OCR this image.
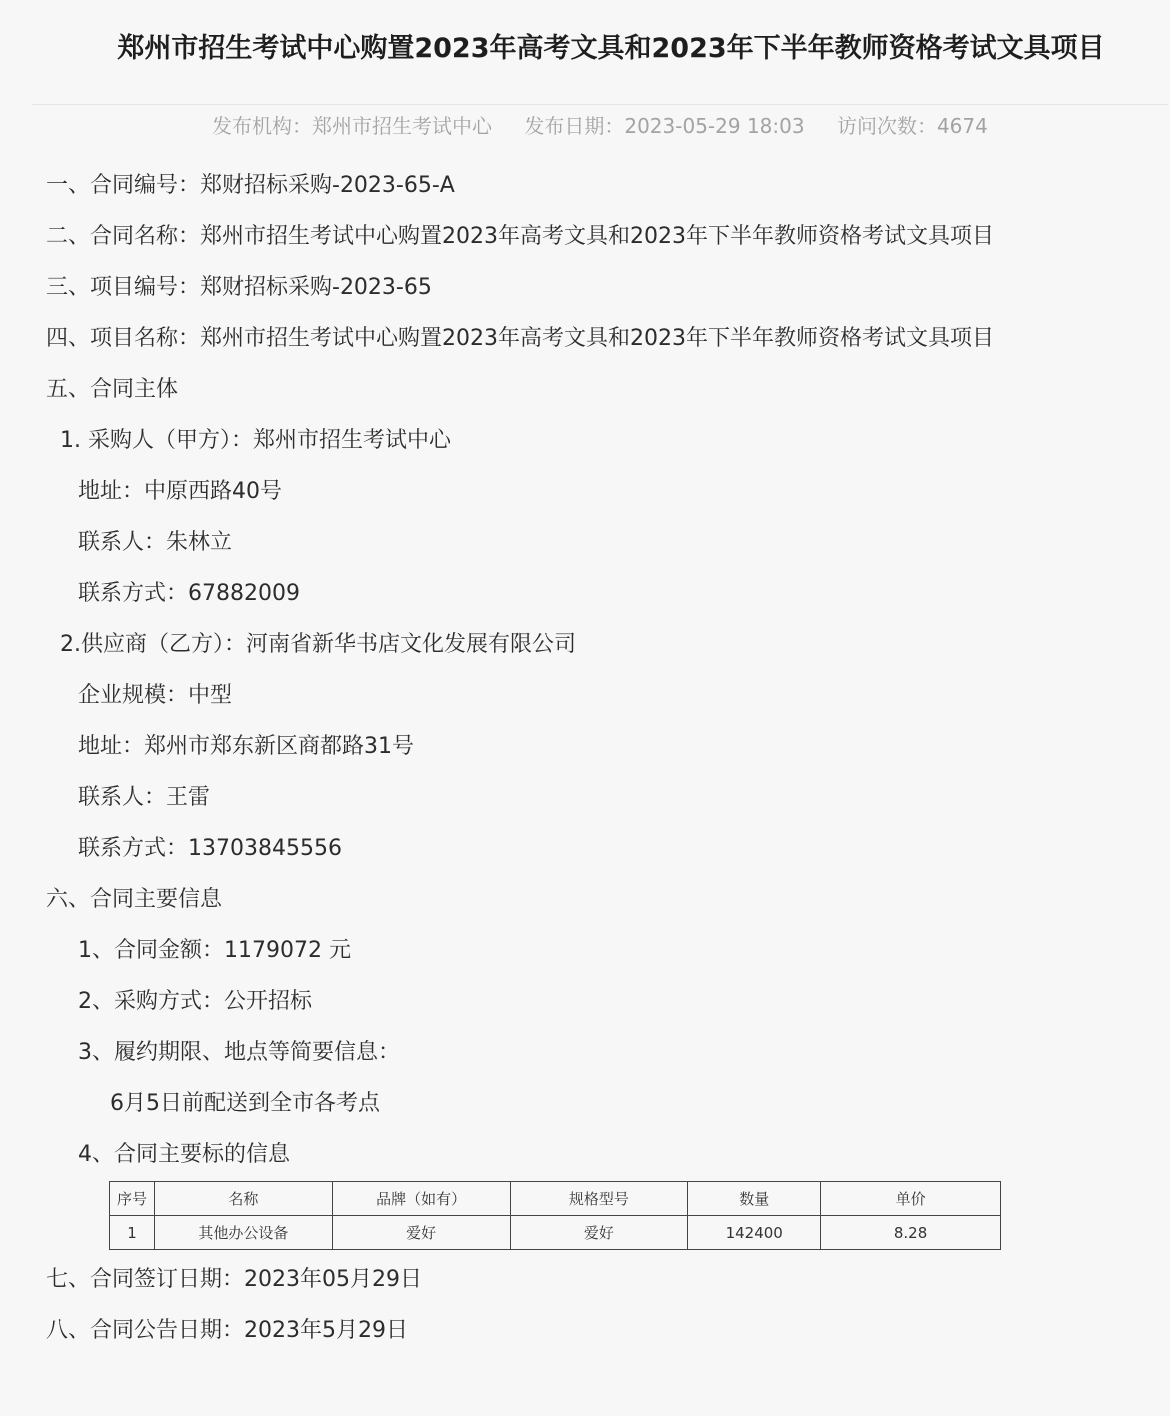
郑州市招生考试中心购置2023年高考文具和2023年下半年教师资格考试文具项目
发布机构：郑州市招生考试中心 发布日期：2023-05-29 18:03 访问次数：4674
一、合同编号：郑财招标采购-2023-65-A
二、合同名称：郑州市招生考试中心购置2023年高考文具和2023年下半年教师资格考试文具项目
三、项目编号：郑财招标采购-2023-65
四、项目名称：郑州市招生考试中心购置2023年高考文具和2023年下半年教师资格考试文具项目
五、合同主体
1. 采购人（甲方）：郑州市招生考试中心
地址：中原西路40号
联系人：朱林立
联系方式：67882009
2.供应商（乙方）：河南省新华书店文化发展有限公司
企业规模：中型
地址：郑州市郑东新区商都路31号
联系人：王雷
联系方式：13703845556
六、合同主要信息
1、合同金额：1179072 元
2、采购方式：公开招标
3、履约期限、地点等简要信息：
6月5日前配送到全市各考点
4、合同主要标的信息
序号	名称	品牌（如有）	规格型号	数量	单价
1	其他办公设备	爱好	爱好	142400	8.28
七、合同签订日期：2023年05月29日
八、合同公告日期：2023年5月29日
